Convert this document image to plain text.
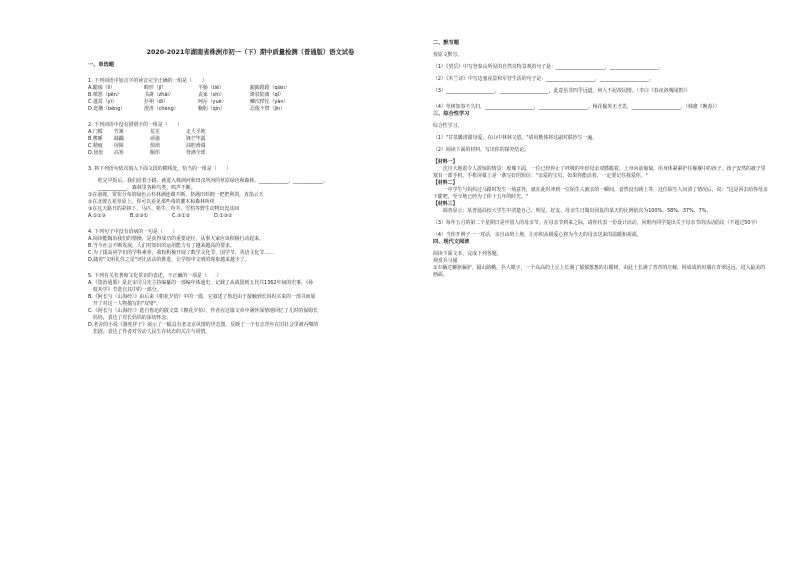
2020-2021年湖南省株洲市初一（下）期中质量检测（普通版）语文试卷

一、单选题

1. 下列词语中加点字的读音完全正确的一组是（　　）

A.蜡烛（lì）	畸形（jī）	羊肠（tiē）	踉踉跄跄（qiàn）
B.嗔怒（pēn）	书斋（zhāi）	丧家（shì）	斑驳陆离（qǐ）
C.蓬蒿（yì）	扑朔（dí）	呵斥（yuè）	鳞次栉比（yàn）
D.迸溅（bèng）	澄清（chéng）	鞠躬（qín）	忍俊不禁（jīn）

2. 下列词语中没有错别字的一组是（　　）

A.门槛	竹篱	荒芜	走人平地
B.嗜睡	蹂躏	顽强	锋芒毕露
C.精疲	屏障	烦琐	油腔滑调
D.悬崖	高寒	佩伟	誉满全球

3. 将下列语句依次填入下面文段的横线处，恰当的一组是（　　）

　　吃完早饭后，我们沿着小路，就进入株洲河和田汊所河的草原绿色和森林。____________，____________。

　　____________，森林里各种鸟类，鸣声不断。

①在南坡，常状分布的绿色云杉林满连绵不断，挤满田杉拥一把把利剑，直指云天

②在北坡五花草原上，你可以看见那些毒的灌木和森林所织

③在这天路日的彩林下，马匹、牦牛、羚羊、雪豹等野生动物出没其间

A.①②③	B.②③①	C.③①②	D.①③②

4. 下列句子中没有语病的一句是（　　）

A.阅读能陶冶我们的情操，是获得成功的重要途径，从事大家应该积极行动起来。

B.当今社会不断发展，人们对知识的运用能力有了越来越高的要求。

C.为了提高同学们的学科素养，我校积极开展了数学文化节、国学节、英语文化节……

D.随着"文明礼仪之星"评比活动的推进，让学校中文明的现象越来越少了。

5. 下列有关名著和文化常识的表述，不正确的一项是（　　）

A.《资治通鉴》是北宋司马光主持编纂的一部编年体通史，记载了从战国到五代共1362年间的史事，《孙

　权劝学》节选自其中的一部分。

B.《阿长与〈山海经〉》由后来《朝花夕拾》中的一篇，它叙述了鲁迅由于接触到长妈妈买来的一部书而展

　开了对这一人物描写的"双璧"。

C.《阿长与〈山海经〉》选自鲁迅的散文集《朝花夕拾》，作者在这篇文章中满怀深情地回忆了儿时的保姆长

　妈妈，表达了对长妈妈的深切怀念。

D.老舍的小说《骆驼祥子》展示了一幅具有老北京风情的世态图，反映了一个有志青年在旧社会里被吞噬的

　悲剧，表达了作者对劳动人民生存状态的关注与同情。

二、默写题

按原文默写。

（1）《望岳》中写登泰山所见的自然奇特景观的句子是：____________________，____________________。

（2）《木兰诗》中写边塞夜景和军营生活的句子是：____________________，____________________。

（3）____________________，____________________，此意虽非四乎远道，何人不起故园情。（李白《春夜洛城闻笛》）

（4）草树知春不久归，____________________，____________________。杨花榆荚无才思，____________________。（韩愈《晚春》）

三、综合性学习

综合性学习。

（1）"甘泉鑑清甜母爱，在山中林林父恩。"请用楷体将这副对联抄写一遍。

（2）阅读下面的材料，写出你的探究结论。

【材料一】

　　沈川大地震令人震惊的情景：废墟下面，一位已经停止了呼吸的年轻母亲双膝跪着，上身向前匍匐，用身体紧紧护住褓褓中的孩子。孩子安然的被子里塞有一部手机，手机屏幕上是一条写好的短信："亲爱的宝贝，如果你能活着，一定要记住我爱你。"

【材料二】

　　一中学生与妈妈过马路时发生一场意外，就在此时冲到一位陌生人被亲的一瞬间，竟然没有顾上等，这位陌生人问清了情况后，说："这是回去给你母亲下跪吧，至少地已经为了你十五年的时光。"

【材料三】

　　调查显示：某普通高校大学生中清楚自己、明星、好友、母亲生日做出回复的某天的比例依次为100%、58%、37%、7%。

（3）每年五月的第二个星期日是中国人的母亲节。在母亲节到来之际，请你代表一份设计活动，向班内同学提出关于母亲节的活动倡议（不超过50字）

（4）当你开例子一一对话，亲自由班上地，让亦积从极爱心将为今天的母亲送来的温暖和祝福。

四、现代文阅读

阅读下面文本，完成下列各题。

观赏兵马俑

①车辆过狮驱骊驴，隔山路峨，扑人眼宇，一个高高的土丘上长满了郁郁葱葱的石榴树，由此土长满了青青的庄稼，阿成成的垣墙在青翠远远，进入最美的画面。
